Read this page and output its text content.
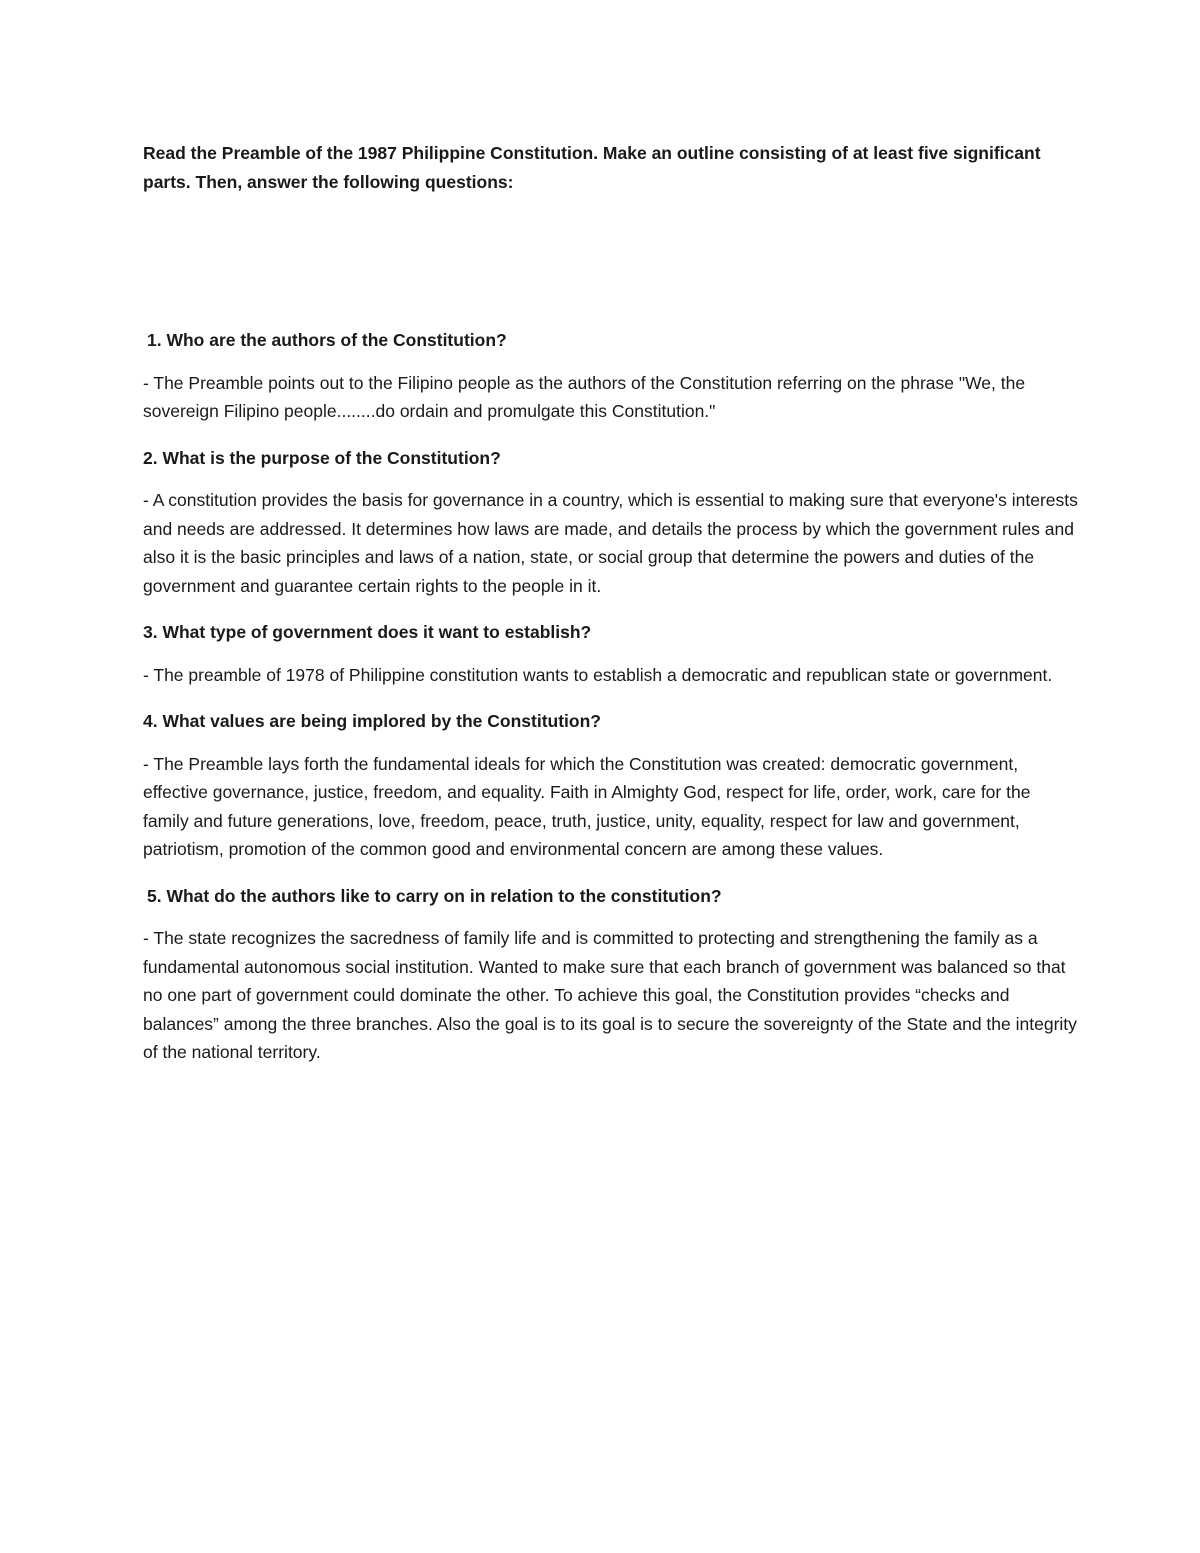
Read the Preamble of the 1987 Philippine Constitution. Make an outline consisting of at least five significant parts. Then, answer the following questions:

1. Who are the authors of the Constitution?

- The Preamble points out to the Filipino people as the authors of the Constitution referring on the phrase "We, the sovereign Filipino people........do ordain and promulgate this Constitution."

2. What is the purpose of the Constitution?

- A constitution provides the basis for governance in a country, which is essential to making sure that everyone's interests and needs are addressed. It determines how laws are made, and details the process by which the government rules and also it is the basic principles and laws of a nation, state, or social group that determine the powers and duties of the government and guarantee certain rights to the people in it.

3. What type of government does it want to establish?

- The preamble of 1978 of Philippine constitution wants to establish a democratic and republican state or government.

4. What values are being implored by the Constitution?

- The Preamble lays forth the fundamental ideals for which the Constitution was created: democratic government, effective governance, justice, freedom, and equality. Faith in Almighty God, respect for life, order, work, care for the family and future generations, love, freedom, peace, truth, justice, unity, equality, respect for law and government, patriotism, promotion of the common good and environmental concern are among these values.

5. What do the authors like to carry on in relation to the constitution?

- The state recognizes the sacredness of family life and is committed to protecting and strengthening the family as a fundamental autonomous social institution. Wanted to make sure that each branch of government was balanced so that no one part of government could dominate the other. To achieve this goal, the Constitution provides “checks and balances” among the three branches. Also the goal is to its goal is to secure the sovereignty of the State and the integrity of the national territory.
